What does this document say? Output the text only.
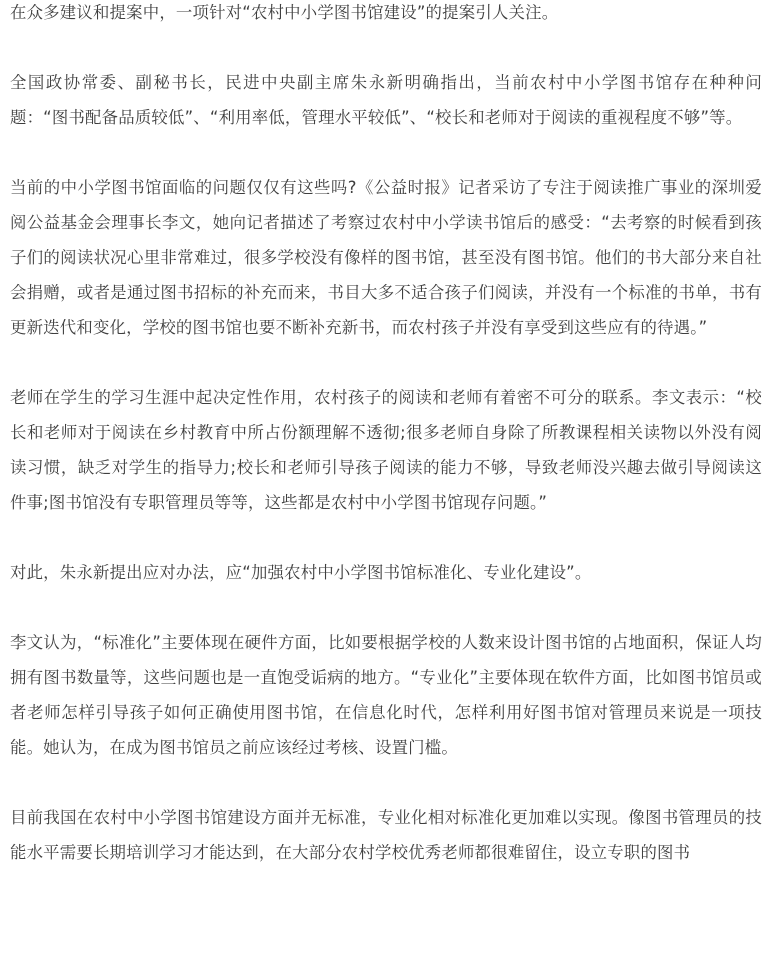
在众多建议和提案中，一项针对“农村中小学图书馆建设”的提案引人关注。

全国政协常委、副秘书长，民进中央副主席朱永新明确指出，当前农村中小学图书馆存在种种问题：“图书配备品质较低”、“利用率低，管理水平较低”、“校长和老师对于阅读的重视程度不够”等。

当前的中小学图书馆面临的问题仅仅有这些吗?《公益时报》记者采访了专注于阅读推广事业的深圳爱阅公益基金会理事长李文，她向记者描述了考察过农村中小学读书馆后的感受：“去考察的时候看到孩子们的阅读状况心里非常难过，很多学校没有像样的图书馆，甚至没有图书馆。他们的书大部分来自社会捐赠，或者是通过图书招标的补充而来，书目大多不适合孩子们阅读，并没有一个标准的书单，书有更新迭代和变化，学校的图书馆也要不断补充新书，而农村孩子并没有享受到这些应有的待遇。”

老师在学生的学习生涯中起决定性作用，农村孩子的阅读和老师有着密不可分的联系。李文表示：“校长和老师对于阅读在乡村教育中所占份额理解不透彻;很多老师自身除了所教课程相关读物以外没有阅读习惯，缺乏对学生的指导力;校长和老师引导孩子阅读的能力不够，导致老师没兴趣去做引导阅读这件事;图书馆没有专职管理员等等，这些都是农村中小学图书馆现存问题。”

对此，朱永新提出应对办法，应“加强农村中小学图书馆标准化、专业化建设”。

李文认为，“标准化”主要体现在硬件方面，比如要根据学校的人数来设计图书馆的占地面积，保证人均拥有图书数量等，这些问题也是一直饱受诟病的地方。“专业化”主要体现在软件方面，比如图书馆员或者老师怎样引导孩子如何正确使用图书馆，在信息化时代，怎样利用好图书馆对管理员来说是一项技能。她认为，在成为图书馆员之前应该经过考核、设置门槛。

目前我国在农村中小学图书馆建设方面并无标准，专业化相对标准化更加难以实现。像图书管理员的技能水平需要长期培训学习才能达到，在大部分农村学校优秀老师都很难留住，设立专职的图书
